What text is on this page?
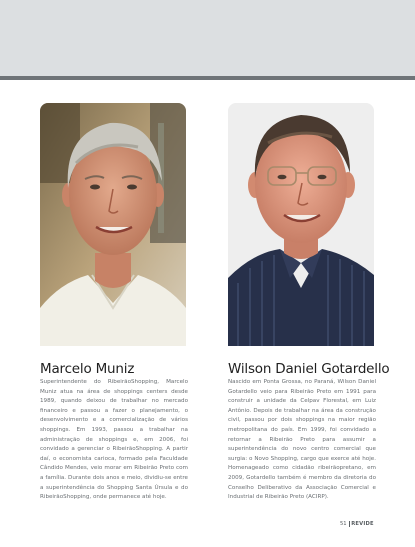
Marcelo Muniz
Superintendente do RibeirãoShopping, Marcelo Muniz atua na área de shoppings centers desde 1989, quando deixou de trabalhar no mercado financeiro e passou a fazer o planejamento, o desenvolvimento e a comercialização de vários shoppings. Em 1993, passou a trabalhar na administração de shoppings e, em 2006, foi convidado a gerenciar o RibeirãoShopping. A partir daí, o economista carioca, formado pela Faculdade Cândido Mendes, veio morar em Ribeirão Preto com a família. Durante dois anos e meio, dividiu-se entre a superintendência do Shopping Santa Úrsula e do RibeirãoShopping, onde permanece até hoje.
Wilson Daniel Gotardello
Nascido em Ponta Grossa, no Paraná, Wilson Daniel Gotardello veio para Ribeirão Preto em 1991 para construir a unidade da Celpav Florestal, em Luiz Antônio. Depois de trabalhar na área da construção civil, passou por dois shoppings na maior região metropolitana do país. Em 1999, foi convidado a retornar a Ribeirão Preto para assumir a superintendência do novo centro comercial que surgia: o Novo Shopping, cargo que exerce até hoje. Homenageado como cidadão ribeirãopretano, em 2009, Gotardello também é membro da diretoria do Conselho Deliberativo da Associação Comercial e Industrial de Ribeirão Preto (ACIRP).
51 REVIDE
